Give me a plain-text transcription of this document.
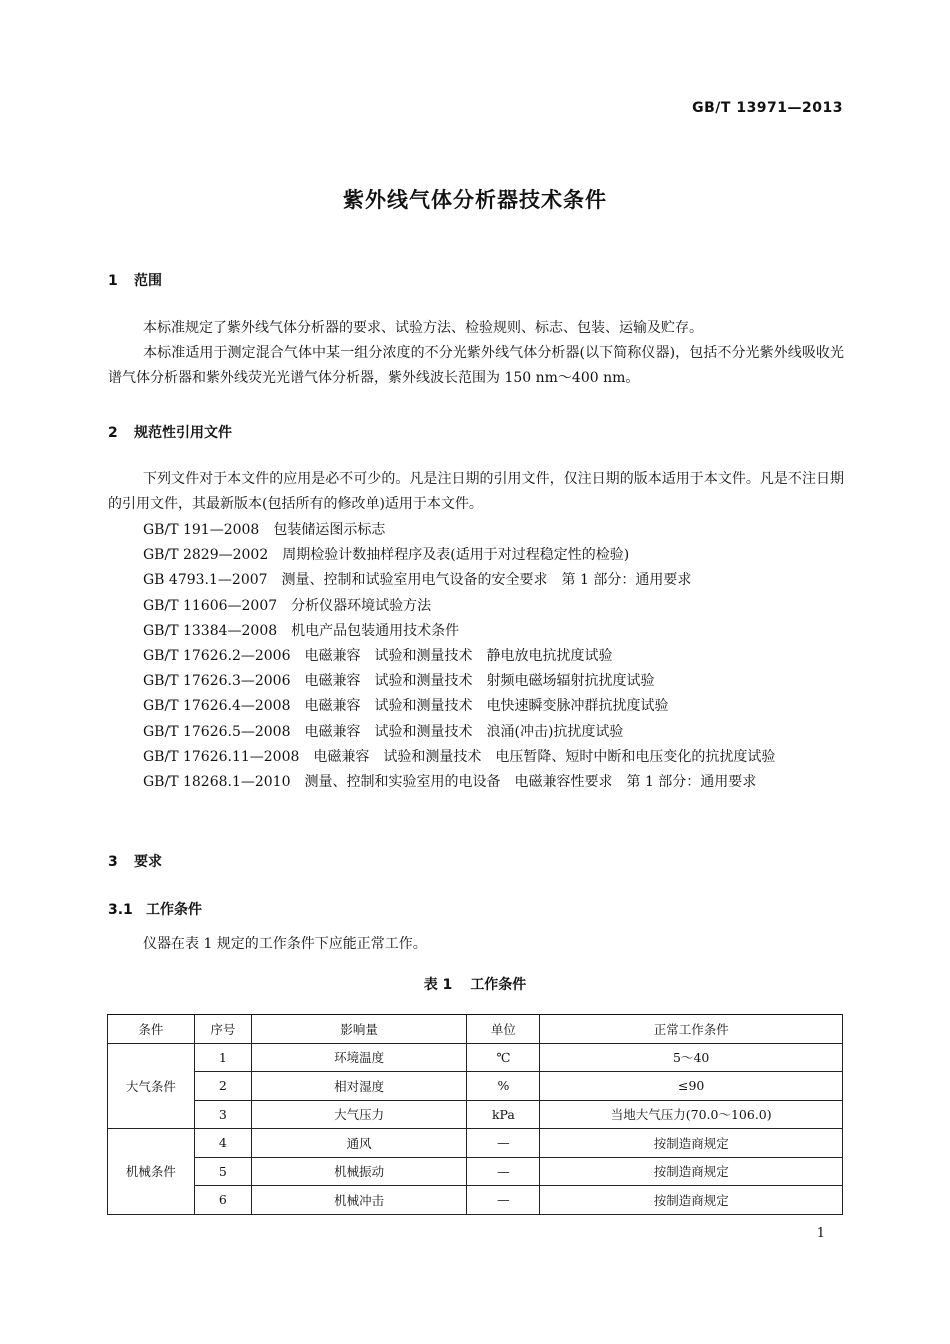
GB/T 13971—2013
紫外线气体分析器技术条件
1 范围
本标准规定了紫外线气体分析器的要求、试验方法、检验规则、标志、包装、运输及贮存。
本标准适用于测定混合气体中某一组分浓度的不分光紫外线气体分析器(以下简称仪器)，包括不分光紫外线吸收光谱气体分析器和紫外线荧光光谱气体分析器，紫外线波长范围为 150 nm～400 nm。
2 规范性引用文件
下列文件对于本文件的应用是必不可少的。凡是注日期的引用文件，仅注日期的版本适用于本文件。凡是不注日期的引用文件，其最新版本(包括所有的修改单)适用于本文件。
GB/T 191—2008 包装储运图示标志
GB/T 2829—2002 周期检验计数抽样程序及表(适用于对过程稳定性的检验)
GB 4793.1—2007 测量、控制和试验室用电气设备的安全要求　第 1 部分：通用要求
GB/T 11606—2007 分析仪器环境试验方法
GB/T 13384—2008 机电产品包装通用技术条件
GB/T 17626.2—2006 电磁兼容　试验和测量技术　静电放电抗扰度试验
GB/T 17626.3—2006 电磁兼容　试验和测量技术　射频电磁场辐射抗扰度试验
GB/T 17626.4—2008 电磁兼容　试验和测量技术　电快速瞬变脉冲群抗扰度试验
GB/T 17626.5—2008 电磁兼容　试验和测量技术　浪涌(冲击)抗扰度试验
GB/T 17626.11—2008 电磁兼容　试验和测量技术　电压暂降、短时中断和电压变化的抗扰度试验
GB/T 18268.1—2010 测量、控制和实验室用的电设备　电磁兼容性要求　第 1 部分：通用要求
3 要求
3.1 工作条件
仪器在表 1 规定的工作条件下应能正常工作。
表 1 工作条件
条件	序号	影响量	单位	正常工作条件
大气条件	1	环境温度	℃	5～40
	2	相对湿度	%	≤90
	3	大气压力	kPa	当地大气压力(70.0～106.0)
机械条件	4	通风	—	按制造商规定
	5	机械振动	—	按制造商规定
	6	机械冲击	—	按制造商规定
1
